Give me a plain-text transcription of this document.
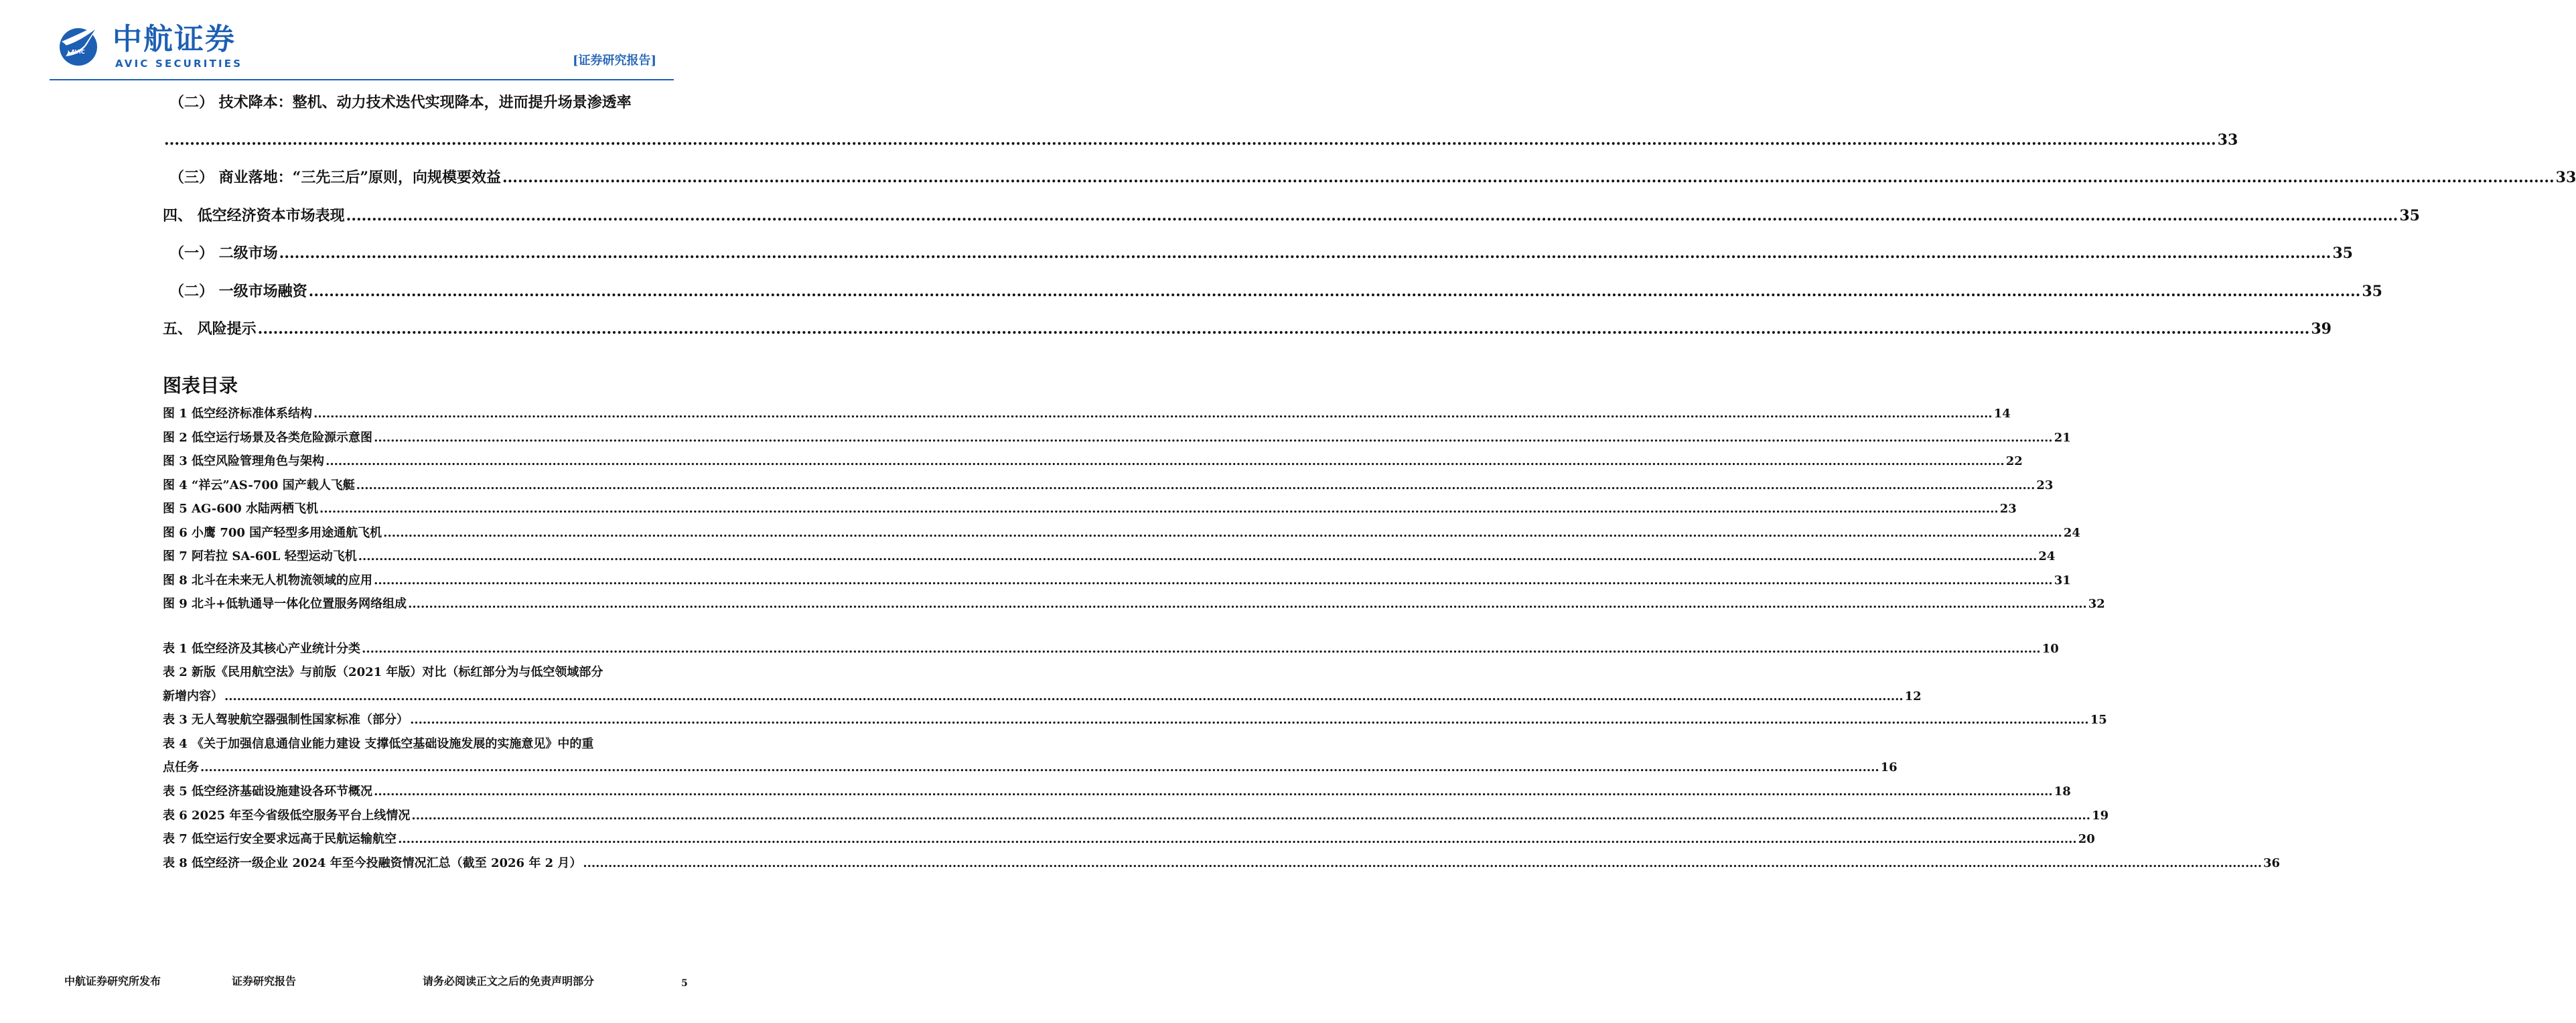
AVIC 中航证券
AVIC SECURITIES	[证券研究报告]
（二） 技术降本：整机、动力技术迭代实现降本，进而提升场景渗透率
................................................................................................................................................................................................................................................................................................................................................................................................................ 33
（三） 商业落地：“三先三后”原则，向规模要效益 ................................................................................................................................................................................................................................................................................................................................................................................................................ 33
四、 低空经济资本市场表现 ................................................................................................................................................................................................................................................................................................................................................................................................................ 35
（一） 二级市场 ................................................................................................................................................................................................................................................................................................................................................................................................................ 35
（二） 一级市场融资 ................................................................................................................................................................................................................................................................................................................................................................................................................ 35
五、 风险提示 ................................................................................................................................................................................................................................................................................................................................................................................................................ 39
图表目录
图 1 低空经济标准体系结构 ................................................................................................................................................................................................................................................................................................................................................................................................................ 14
图 2 低空运行场景及各类危险源示意图 ................................................................................................................................................................................................................................................................................................................................................................................................................ 21
图 3 低空风险管理角色与架构 ................................................................................................................................................................................................................................................................................................................................................................................................................ 22
图 4 “祥云”AS-700 国产载人飞艇 ................................................................................................................................................................................................................................................................................................................................................................................................................ 23
图 5 AG-600 水陆两栖飞机 ................................................................................................................................................................................................................................................................................................................................................................................................................ 23
图 6 小鹰 700 国产轻型多用途通航飞机 ................................................................................................................................................................................................................................................................................................................................................................................................................ 24
图 7 阿若拉 SA-60L 轻型运动飞机 ................................................................................................................................................................................................................................................................................................................................................................................................................ 24
图 8 北斗在未来无人机物流领域的应用 ................................................................................................................................................................................................................................................................................................................................................................................................................ 31
图 9 北斗+低轨通导一体化位置服务网络组成 ................................................................................................................................................................................................................................................................................................................................................................................................................ 32
表 1 低空经济及其核心产业统计分类 ................................................................................................................................................................................................................................................................................................................................................................................................................ 10
表 2 新版《民用航空法》与前版（2021 年版）对比（标红部分为与低空领域部分
新增内容） ................................................................................................................................................................................................................................................................................................................................................................................................................ 12
表 3 无人驾驶航空器强制性国家标准（部分） ................................................................................................................................................................................................................................................................................................................................................................................................................ 15
表 4 《关于加强信息通信业能力建设 支撑低空基础设施发展的实施意见》中的重
点任务 ................................................................................................................................................................................................................................................................................................................................................................................................................ 16
表 5 低空经济基础设施建设各环节概况 ................................................................................................................................................................................................................................................................................................................................................................................................................ 18
表 6 2025 年至今省级低空服务平台上线情况 ................................................................................................................................................................................................................................................................................................................................................................................................................ 19
表 7 低空运行安全要求远高于民航运输航空 ................................................................................................................................................................................................................................................................................................................................................................................................................ 20
表 8 低空经济一级企业 2024 年至今投融资情况汇总（截至 2026 年 2 月） ................................................................................................................................................................................................................................................................................................................................................................................................................ 36
中航证券研究所发布	证券研究报告	请务必阅读正文之后的免责声明部分	5
